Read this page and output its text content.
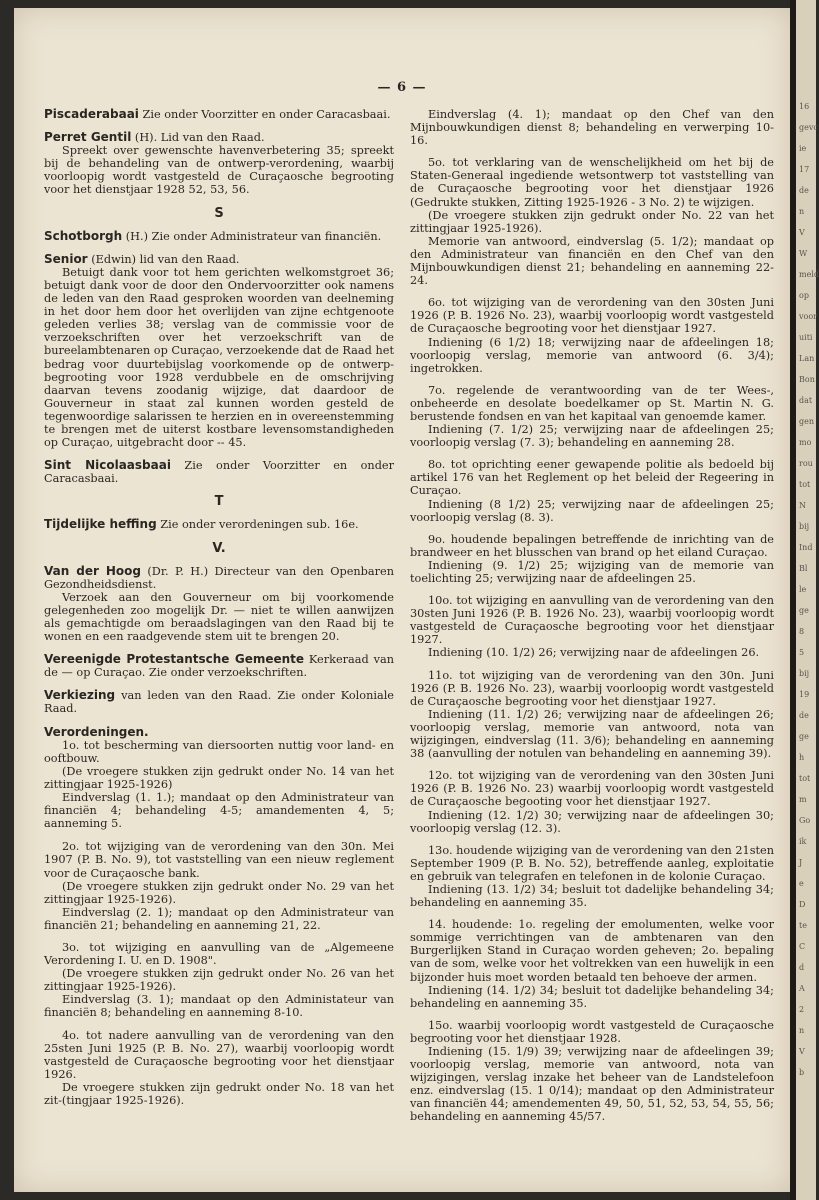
— 6 —

Piscaderabaai Zie onder Voorzitter en onder Caracasbaai.

Perret Gentil (H). Lid van den Raad.

Spreekt over gewenschte havenverbetering 35; spreekt bij de behandeling van de ontwerp-verordening, waarbij voorloopig wordt vastgesteld de Curaçaosche begrooting voor het dienstjaar 1928 52, 53, 56.

S

Schotborgh (H.) Zie onder Administrateur van financiën.

Senior (Edwin) lid van den Raad.

Betuigt dank voor tot hem gerichten welkomstgroet 36; betuigt dank voor de door den Ondervoorzitter ook namens de leden van den Raad gesproken woorden van deelneming in het door hem door het overlijden van zijne echtgenoote geleden verlies 38; verslag van de commissie voor de verzoekschriften over het verzoekschrift van de bureelambtenaren op Curaçao, verzoekende dat de Raad het bedrag voor duurtebijslag voorkomende op de ontwerp-begrooting voor 1928 verdubbele en de omschrijving daarvan tevens zoodanig wijzige, dat daardoor de Gouverneur in staat zal kunnen worden gesteld de tegenwoordige salarissen te herzien en in overeenstemming te brengen met de uiterst kostbare levensomstandigheden op Curaçao, uitgebracht door -- 45.

Sint Nicolaasbaai Zie onder Voorzitter en onder Caracasbaai.

T

Tijdelijke heffing Zie onder verordeningen sub. 16e.

V.

Van der Hoog (Dr. P. H.) Directeur van den Openbaren Gezondheidsdienst.

Verzoek aan den Gouverneur om bij voorkomende gelegenheden zoo mogelijk Dr. — niet te willen aanwijzen als gemachtigde om beraadslagingen van den Raad bij te wonen en een raadgevende stem uit te brengen 20.

Vereenigde Protestantsche Gemeente Kerkeraad van de — op Curaçao. Zie onder verzoekschriften.

Verkiezing van leden van den Raad. Zie onder Koloniale Raad.

Verordeningen.

1o. tot bescherming van diersoorten nuttig voor land- en ooftbouw.

(De vroegere stukken zijn gedrukt onder No. 14 van het zittingjaar 1925-1926)

Eindverslag (1. 1.); mandaat op den Administrateur van financiën 4; behandeling 4-5; amandementen 4, 5; aanneming 5.

2o. tot wijziging van de verordening van den 30n. Mei 1907 (P. B. No. 9), tot vaststelling van een nieuw reglement voor de Curaçaosche bank.

(De vroegere stukken zijn gedrukt onder No. 29 van het zittingjaar 1925-1926).

Eindverslag (2. 1); mandaat op den Administrateur van financiën 21; behandeling en aanneming 21, 22.

3o. tot wijziging en aanvulling van de „Algemeene Verordening I. U. en D. 1908".

(De vroegere stukken zijn gedrukt onder No. 26 van het zittingjaar 1925-1926).

Eindverslag (3. 1); mandaat op den Administateur van financiën 8; behandeling en aanneming 8-10.

4o. tot nadere aanvulling van de verordening van den 25sten Juni 1925 (P. B. No. 27), waarbij voorloopig wordt vastgesteld de Curaçaosche begrooting voor het dienstjaar 1926.

De vroegere stukken zijn gedrukt onder No. 18 van het zit-(tingjaar 1925-1926).

Eindverslag (4. 1); mandaat op den Chef van den Mijnbouwkundigen dienst 8; behandeling en verwerping 10-16.

5o. tot verklaring van de wenschelijkheid om het bij de Staten-Generaal ingediende wetsontwerp tot vaststelling van de Curaçaosche begrooting voor het dienstjaar 1926 (Gedrukte stukken, Zitting 1925-1926 - 3 No. 2) te wijzigen.

(De vroegere stukken zijn gedrukt onder No. 22 van het zittingjaar 1925-1926).

Memorie van antwoord, eindverslag (5. 1/2); mandaat op den Administrateur van financiën en den Chef van den Mijnbouwkundigen dienst 21; behandeling en aanneming 22-24.

6o. tot wijziging van de verordening van den 30sten Juni 1926 (P. B. 1926 No. 23), waarbij voorloopig wordt vastgesteld de Curaçaosche begrooting voor het dienstjaar 1927.

Indiening (6 1/2) 18; verwijzing naar de afdeelingen 18; voorloopig verslag, memorie van antwoord (6. 3/4); ingetrokken.

7o. regelende de verantwoording van de ter Wees-, onbeheerde en desolate boedelkamer op St. Martin N. G. berustende fondsen en van het kapitaal van genoemde kamer.

Indiening (7. 1/2) 25; verwijzing naar de afdeelingen 25; voorloopig verslag (7. 3); behandeling en aanneming 28.

8o. tot oprichting eener gewapende politie als bedoeld bij artikel 176 van het Reglement op het beleid der Regeering in Curaçao.

Indiening (8 1/2) 25; verwijzing naar de afdeelingen 25; voorloopig verslag (8. 3).

9o. houdende bepalingen betreffende de inrichting van de brandweer en het blusschen van brand op het eiland Curaçao.

Indiening (9. 1/2) 25; wijziging van de memorie van toelichting 25; verwijzing naar de afdeelingen 25.

10o. tot wijziging en aanvulling van de verordening van den 30sten Juni 1926 (P. B. 1926 No. 23), waarbij voorloopig wordt vastgesteld de Curaçaosche begrooting voor het dienstjaar 1927.

Indiening (10. 1/2) 26; verwijzing naar de afdeelingen 26.

11o. tot wijziging van de verordening van den 30n. Juni 1926 (P. B. 1926 No. 23), waarbij voorloopig wordt vastgesteld de Curaçaosche begrooting voor het dienstjaar 1927.

Indiening (11. 1/2) 26; verwijzing naar de afdeelingen 26; voorloopig verslag, memorie van antwoord, nota van wijzigingen, eindverslag (11. 3/6); behandeling en aanneming 38 (aanvulling der notulen van behandeling en aanneming 39).

12o. tot wijziging van de verordening van den 30sten Juni 1926 (P. B. 1926 No. 23) waarbij voorloopig wordt vastgesteld de Curaçaosche begooting voor het dienstjaar 1927.

Indiening (12. 1/2) 30; verwijzing naar de afdeelingen 30; voorloopig verslag (12. 3).

13o. houdende wijziging van de verordening van den 21sten September 1909 (P. B. No. 52), betreffende aanleg, exploitatie en gebruik van telegrafen en telefonen in de kolonie Curaçao.

Indiening (13. 1/2) 34; besluit tot dadelijke behandeling 34; behandeling en aanneming 35.

14. houdende: 1o. regeling der emolumenten, welke voor sommige verrichtingen van de ambtenaren van den Burgerlijken Stand in Curaçao worden geheven; 2o. bepaling van de som, welke voor het voltrekken van een huwelijk in een bijzonder huis moet worden betaald ten behoeve der armen.

Indiening (14. 1/2) 34; besluit tot dadelijke behandeling 34; behandeling en aanneming 35.

15o. waarbij voorloopig wordt vastgesteld de Curaçaosche begrooting voor het dienstjaar 1928.

Indiening (15. 1/9) 39; verwijzing naar de afdeelingen 39; voorloopig verslag, memorie van antwoord, nota van wijzigingen, verslag inzake het beheer van de Landstelefoon enz. eindverslag (15. 1 0/14); mandaat op den Administrateur van financiën 44; amendementen 49, 50, 51, 52, 53, 54, 55, 56; behandeling en aanneming 45/57.

16
gevc
ie
17
de
n
V
W
meld
op
voor
uiti
Lan
Bon
dat
gen
mo
rou
tot
N
bij
Ind
Bl
le
ge
8
5
bij
19
de
ge
h
tot
m
Go
ik
J
e
D
te
C
d
A
2
n
V
b
